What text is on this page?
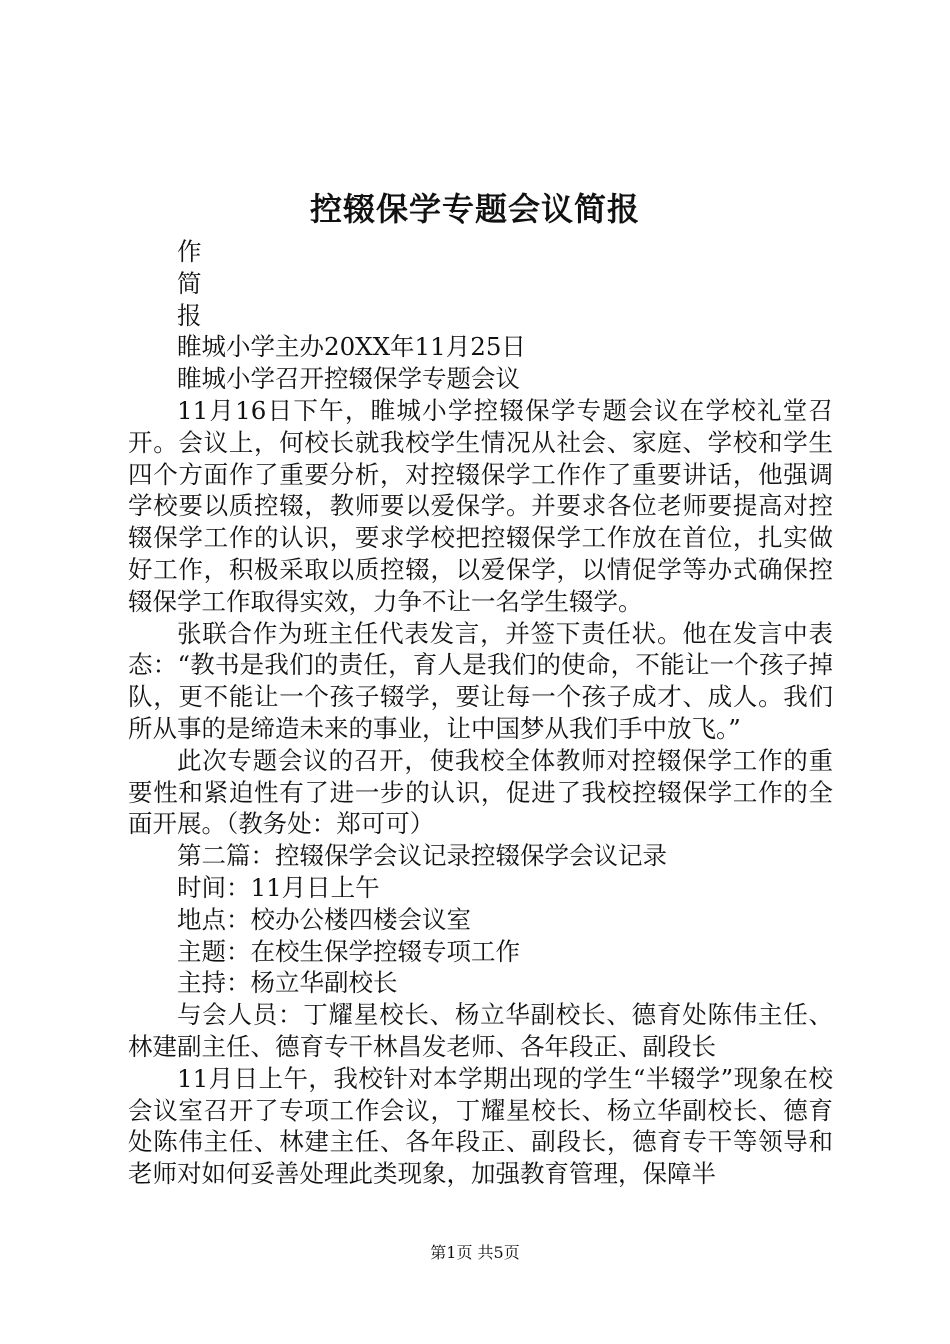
控辍保学专题会议简报

作

简

报

睢城小学主办20XX年11月25日

睢城小学召开控辍保学专题会议

11月16日下午，睢城小学控辍保学专题会议在学校礼堂召开。会议上，何校长就我校学生情况从社会、家庭、学校和学生四个方面作了重要分析，对控辍保学工作作了重要讲话，他强调学校要以质控辍，教师要以爱保学。并要求各位老师要提高对控辍保学工作的认识，要求学校把控辍保学工作放在首位，扎实做好工作，积极采取以质控辍，以爱保学，以情促学等办式确保控辍保学工作取得实效，力争不让一名学生辍学。

张联合作为班主任代表发言，并签下责任状。他在发言中表态：“教书是我们的责任，育人是我们的使命，不能让一个孩子掉队，更不能让一个孩子辍学，要让每一个孩子成才、成人。我们所从事的是缔造未来的事业，让中国梦从我们手中放飞。”

此次专题会议的召开，使我校全体教师对控辍保学工作的重要性和紧迫性有了进一步的认识，促进了我校控辍保学工作的全面开展。（教务处：郑可可）

第二篇：控辍保学会议记录控辍保学会议记录

时间：11月日上午

地点：校办公楼四楼会议室

主题：在校生保学控辍专项工作

主持：杨立华副校长

与会人员：丁耀星校长、杨立华副校长、德育处陈伟主任、林建副主任、德育专干林昌发老师、各年段正、副段长

11月日上午，我校针对本学期出现的学生“半辍学”现象在校会议室召开了专项工作会议，丁耀星校长、杨立华副校长、德育处陈伟主任、林建主任、各年段正、副段长，德育专干等领导和老师对如何妥善处理此类现象，加强教育管理，保障半

第1页 共5页
